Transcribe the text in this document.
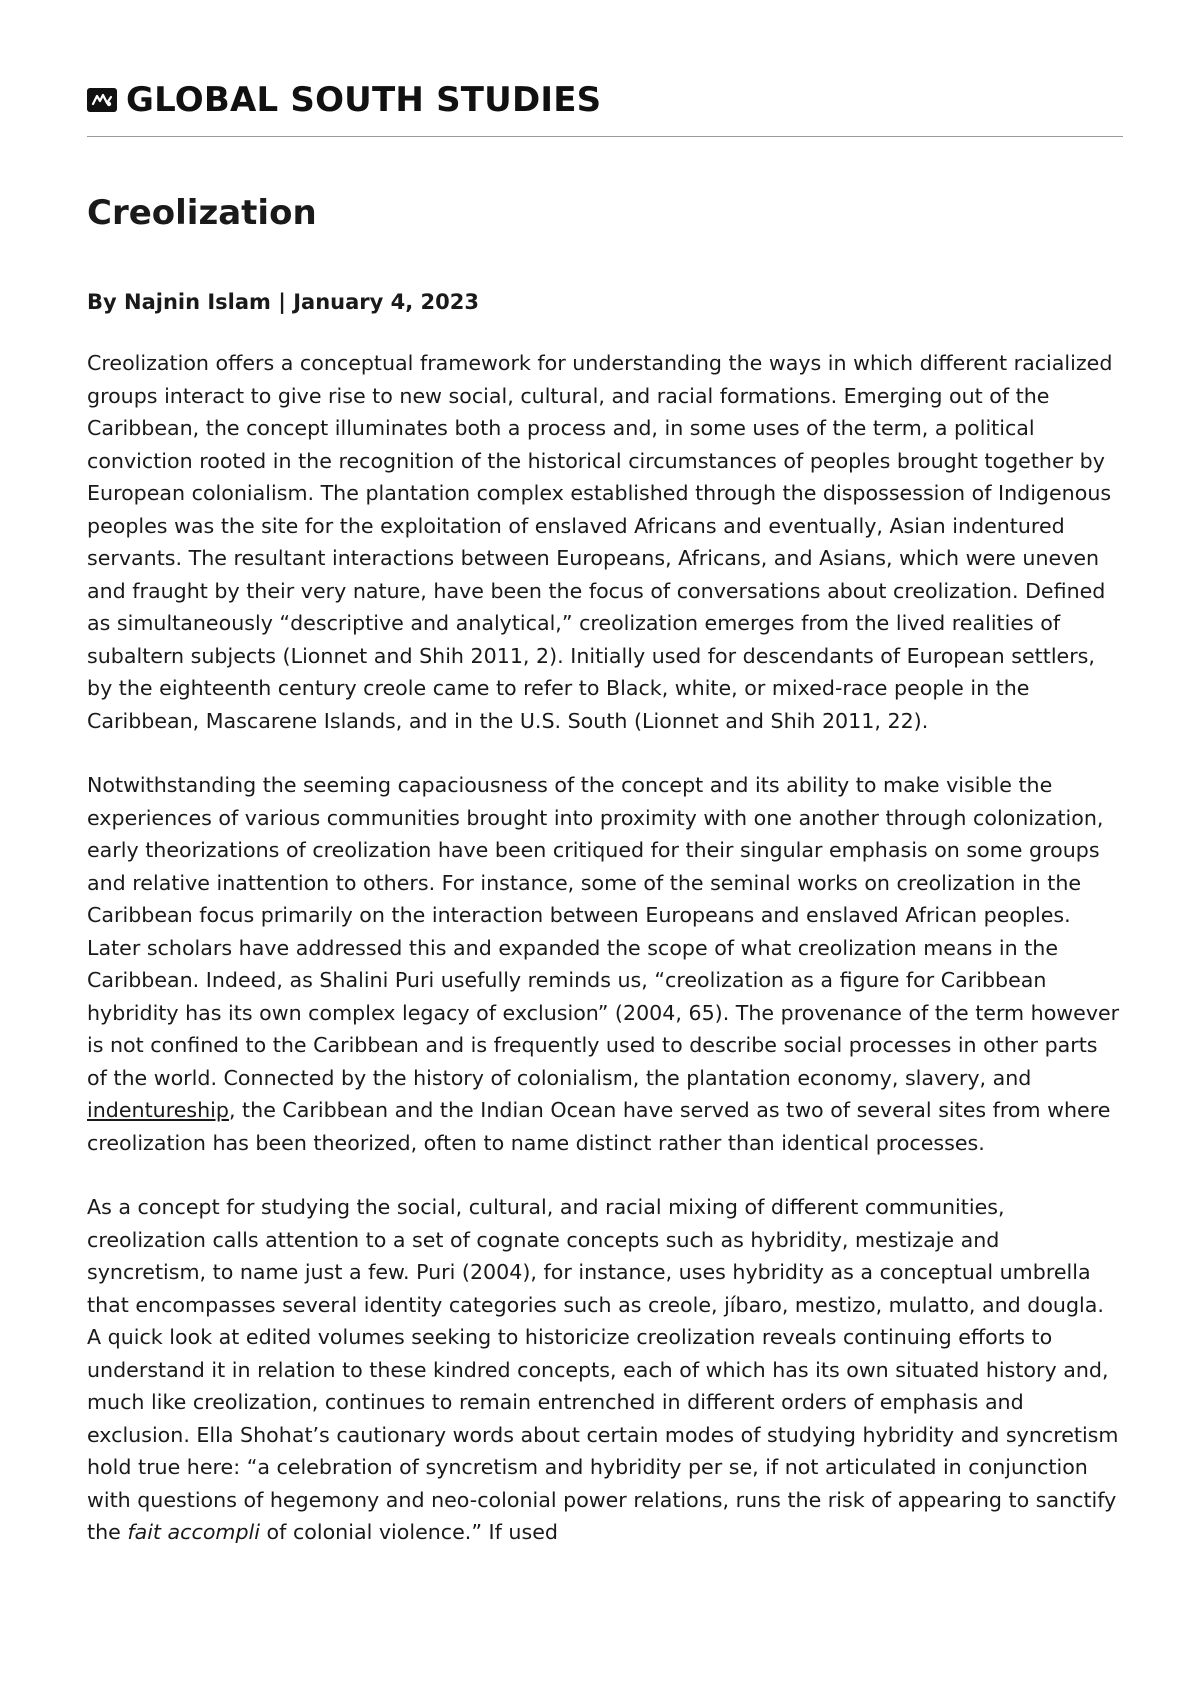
GLOBAL SOUTH STUDIES
Creolization

By Najnin Islam | January 4, 2023

Creolization offers a conceptual framework for understanding the ways in which different racialized groups interact to give rise to new social, cultural, and racial formations. Emerging out of the Caribbean, the concept illuminates both a process and, in some uses of the term, a political conviction rooted in the recognition of the historical circumstances of peoples brought together by European colonialism. The plantation complex established through the dispossession of Indigenous peoples was the site for the exploitation of enslaved Africans and eventually, Asian indentured servants. The resultant interactions between Europeans, Africans, and Asians, which were uneven and fraught by their very nature, have been the focus of conversations about creolization. Defined as simultaneously “descriptive and analytical,” creolization emerges from the lived realities of subaltern subjects (Lionnet and Shih 2011, 2). Initially used for descendants of European settlers, by the eighteenth century creole came to refer to Black, white, or mixed-race people in the Caribbean, Mascarene Islands, and in the U.S. South (Lionnet and Shih 2011, 22).

Notwithstanding the seeming capaciousness of the concept and its ability to make visible the experiences of various communities brought into proximity with one another through colonization, early theorizations of creolization have been critiqued for their singular emphasis on some groups and relative inattention to others. For instance, some of the seminal works on creolization in the Caribbean focus primarily on the interaction between Europeans and enslaved African peoples. Later scholars have addressed this and expanded the scope of what creolization means in the Caribbean. Indeed, as Shalini Puri usefully reminds us, “creolization as a figure for Caribbean hybridity has its own complex legacy of exclusion” (2004, 65). The provenance of the term however is not confined to the Caribbean and is frequently used to describe social processes in other parts of the world. Connected by the history of colonialism, the plantation economy, slavery, and indentureship, the Caribbean and the Indian Ocean have served as two of several sites from where creolization has been theorized, often to name distinct rather than identical processes.

As a concept for studying the social, cultural, and racial mixing of different communities, creolization calls attention to a set of cognate concepts such as hybridity, mestizaje and syncretism, to name just a few. Puri (2004), for instance, uses hybridity as a conceptual umbrella that encompasses several identity categories such as creole, jíbaro, mestizo, mulatto, and dougla. A quick look at edited volumes seeking to historicize creolization reveals continuing efforts to understand it in relation to these kindred concepts, each of which has its own situated history and, much like creolization, continues to remain entrenched in different orders of emphasis and exclusion. Ella Shohat’s cautionary words about certain modes of studying hybridity and syncretism hold true here: “a celebration of syncretism and hybridity per se, if not articulated in conjunction with questions of hegemony and neo-colonial power relations, runs the risk of appearing to sanctify the fait accompli of colonial violence.” If used
